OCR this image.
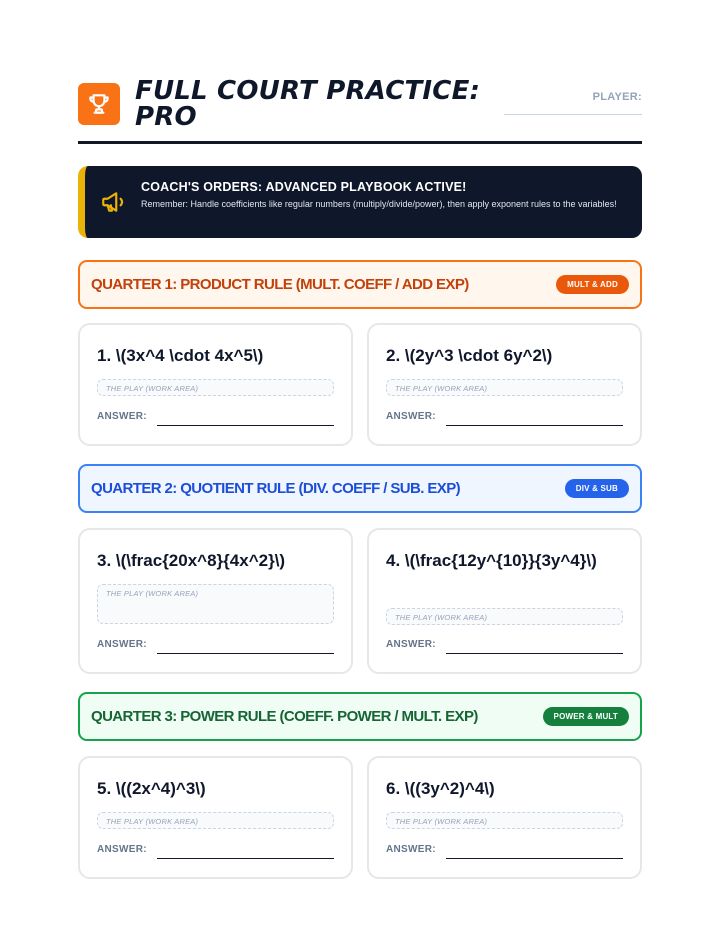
FULL COURT PRACTICE: PRO
PLAYER:
COACH'S ORDERS: ADVANCED PLAYBOOK ACTIVE!
Remember: Handle coefficients like regular numbers (multiply/divide/power), then apply exponent rules to the variables!
QUARTER 1: PRODUCT RULE (MULT. COEFF / ADD EXP)	MULT & ADD
1. \(3x^4 \cdot 4x^5\)
THE PLAY (WORK AREA)
ANSWER:
2. \(2y^3 \cdot 6y^2\)
THE PLAY (WORK AREA)
ANSWER:
QUARTER 2: QUOTIENT RULE (DIV. COEFF / SUB. EXP)	DIV & SUB
3. \(\frac{20x^8}{4x^2}\)
THE PLAY (WORK AREA)
ANSWER:
4. \(\frac{12y^{10}}{3y^4}\)
THE PLAY (WORK AREA)
ANSWER:
QUARTER 3: POWER RULE (COEFF. POWER / MULT. EXP)	POWER & MULT
5. \((2x^4)^3\)
THE PLAY (WORK AREA)
ANSWER:
6. \((3y^2)^4\)
THE PLAY (WORK AREA)
ANSWER:
